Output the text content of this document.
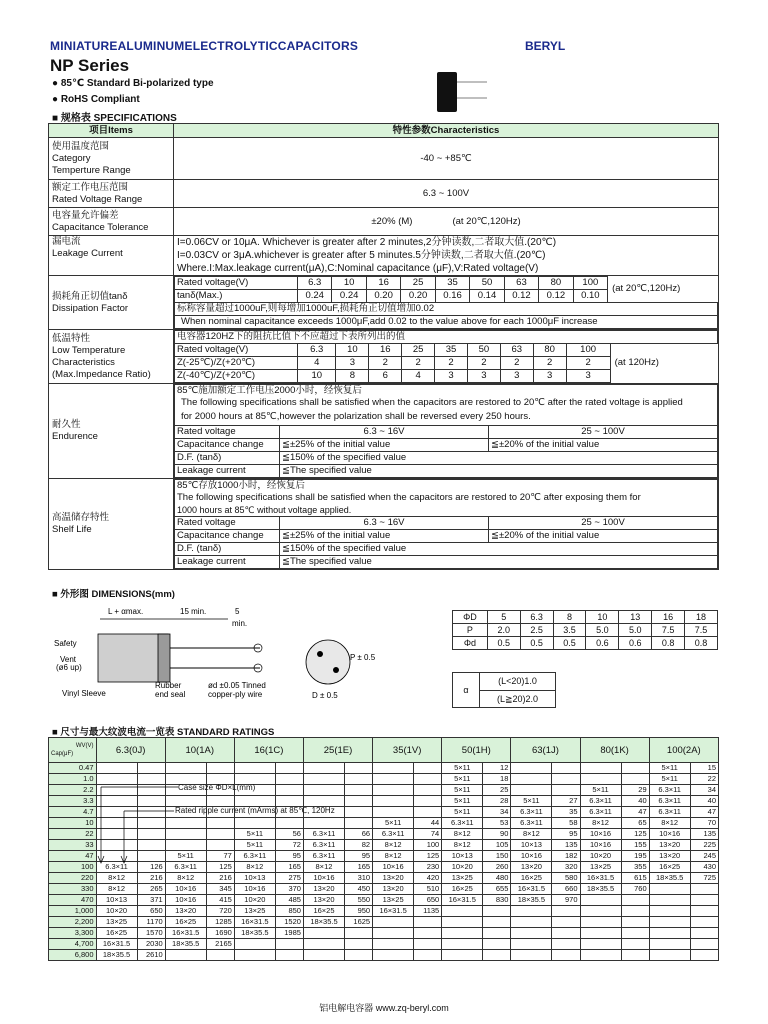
MINIATUREALUMINUMELECTROLYTICCAPACITORS	BERYL
NP Series
● 85℃ Standard Bi-polarized type
● RoHS Compliant
■ 规格表 SPECIFICATIONS
项目Items	特性参数Characteristics
使用温度范围
Category
Temperture Range	-40 ~ +85℃
额定工作电压范围
Rated Voltage Range	6.3 ~ 100V
电容量允许偏差
Capacitance Tolerance	±20% (M)	(at 20℃,120Hz)
漏电流
Leakage Current	I=0.06CV or 10μA. Whichever is greater after 2 minutes,2分钟读数,二者取大值.(20℃)
I=0.03CV or 3μA.whichever is greater after 5 minutes.5分钟读数,二者取大值.(20℃)
Where.I:Max.leakage current(μA),C:Nominal capacitance (μF),V:Rated voltage(V)
损耗角正切值tanδ
Dissipation Factor	
Rated voltage(V)	6.3	10	16	25	35	50	63	80	100	(at 20℃,120Hz)
tanδ(Max.)	0.24	0.24	0.20	0.20	0.16	0.14	0.12	0.12	0.10
标称容量超过1000uF,则每增加1000uF,损耗角正切值增加0.02
When nominal capacitance exceeds 1000μF,add 0.02 to the value above for each 1000μF increase

低温特性
Low Temperature
Characteristics
(Max.Impedance Ratio)	
电容器120HZ下的阻抗比值下不应超过下表所列出的值
Rated voltage(V)	6.3	10	16	25	35	50	63	80	100	(at 120Hz)
Z(-25℃)/Z(+20℃)	4	3	2	2	2	2	2	2	2
Z(-40℃)/Z(+20℃)	10	8	6	4	3	3	3	3	3

耐久性
Endurence	
85℃施加额定工作电压2000小时，经恢复后
The following specifications shall be satisfied when the capacitors are restored to 20℃ after the rated voltage is applied
for 2000 hours at 85℃,however the polarization shall be reversed every 250 hours.
Rated voltage	6.3 ~ 16V	25 ~ 100V
Capacitance change	≦±25% of the initial value	≦±20% of the initial value
D.F. (tanδ)	≦150% of the specified value
Leakage current	≦The specified value

高温储存特性
Shelf Life	
85℃存放1000小时，经恢复后
The following specifications shall be satisfied when the capacitors are restored to 20℃ after exposing them for
1000 hours at 85℃ without voltage applied.
Rated voltage	6.3 ~ 16V	25 ~ 100V
Capacitance change	≦±25% of the initial value	≦±20% of the initial value
D.F. (tanδ)	≦150% of the specified value
Leakage current	≦The specified value
■ 外形图 DIMENSIONS(mm)
L + αmax.	15 min.	5
min.
Safety
Vent
(ø6 up)
Vinyl Sleeve
Rubber
end seal
ød ±0.05 Tinned
copper-ply wire
P ± 0.5
D ± 0.5
ΦD	5	6.3	8	10	13	16	18
P	2.0	2.5	3.5	5.0	5.0	7.5	7.5
Φd	0.5	0.5	0.5	0.6	0.6	0.8	0.8
α	(L<20)1.0
(L≧20)2.0
■ 尺寸与最大纹波电流一览表 STANDARD RATINGS
WV(V)
Cap(μF)	6.3(0J)		10(1A)		16(1C)		25(1E)		35(1V)		50(1H)		63(1J)		80(1K)		100(2A)	
0.47											5×11	12					5×11	15
1.0											5×11	18					5×11	22
2.2											5×11	25			5×11	29	6.3×11	34
3.3											5×11	28	5×11	27	6.3×11	40	6.3×11	40
4.7											5×11	34	6.3×11	35	6.3×11	47	6.3×11	47
10									5×11	44	6.3×11	53	6.3×11	58	8×12	65	8×12	70
22					5×11	56	6.3×11	66	6.3×11	74	8×12	90	8×12	95	10×16	125	10×16	135
33					5×11	72	6.3×11	82	8×12	100	8×12	105	10×13	135	10×16	155	13×20	225
47			5×11	77	6.3×11	95	6.3×11	95	8×12	125	10×13	150	10×16	182	10×20	195	13×20	245
100	6.3×11	126	6.3×11	125	8×12	165	8×12	165	10×16	230	10×20	260	13×20	320	13×25	355	16×25	430
220	8×12	216	8×12	216	10×13	275	10×16	310	13×20	420	13×25	480	16×25	580	16×31.5	615	18×35.5	725
330	8×12	265	10×16	345	10×16	370	13×20	450	13×20	510	16×25	655	16×31.5	660	18×35.5	760		
470	10×13	371	10×16	415	10×20	485	13×20	550	13×25	650	16×31.5	830	18×35.5	970				
1,000	10×20	650	13×20	720	13×25	850	16×25	950	16×31.5	1135								
2,200	13×25	1170	16×25	1285	16×31.5	1520	18×35.5	1625										
3,300	16×25	1570	16×31.5	1690	18×35.5	1985												
4,700	16×31.5	2030	18×35.5	2165														
6,800	18×35.5	2610																
Case size ΦD×L(mm)
Rated ripple current (mArms) at 85℃, 120Hz
铝电解电容器 www.zq-beryl.com
